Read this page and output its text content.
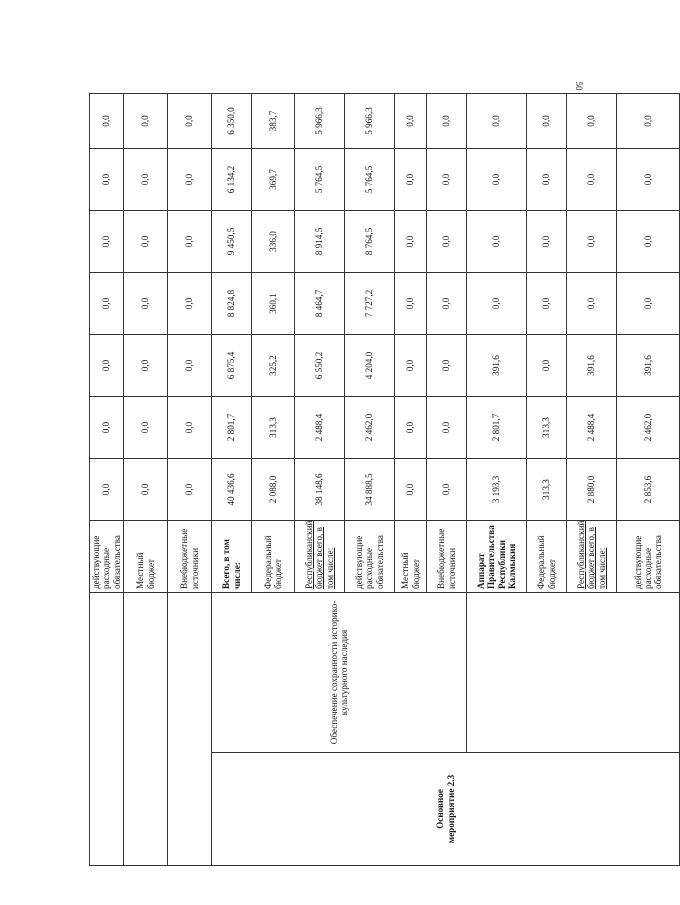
50
		действующие расходные обязательства	0,0	0,0	0,0	0,0	0,0	0,0	0,0
		Местный бюджет	0,0	0,0	0,0	0,0	0,0	0,0	0,0
		Внебюджетные источники	0,0	0,0	0,0	0,0	0,0	0,0	0,0
Основное
мероприятие 2.3	Обеспечение сохранности историко-культурного наследия	Всего, в том числе:	40 436,6	2 801,7	6 875,4	8 824,8	9 450,5	6 134,2	6 350,0
		Федеральный бюджет	2 088,0	313,3	325,2	360,1	336,0	369,7	383,7
		Республиканский бюджет всего, в том числе:	38 148,6	2 488,4	6 550,2	8 464,7	8 914,5	5 764,5	5 966,3
		действующие расходные обязательства	34 888,5	2 462,0	4 204,0	7 727,2	8 764,5	5 764,5	5 966,3
		Местный бюджет	0,0	0,0	0,0	0,0	0,0	0,0	0,0
		Внебюджетные источники	0,0	0,0	0,0	0,0	0,0	0,0	0,0
		Аппарат Правительства Республики Калмыкия	3 193,3	2 801,7	391,6	0,0	0,0	0,0	0,0
		Федеральный бюджет	313,3	313,3	0,0	0,0	0,0	0,0	0,0
		Республиканский бюджет всего, в том числе:	2 880,0	2 488,4	391,6	0,0	0,0	0,0	0,0
		действующие расходные обязательства	2 853,6	2 462,0	391,6	0,0	0,0	0,0	0,0
